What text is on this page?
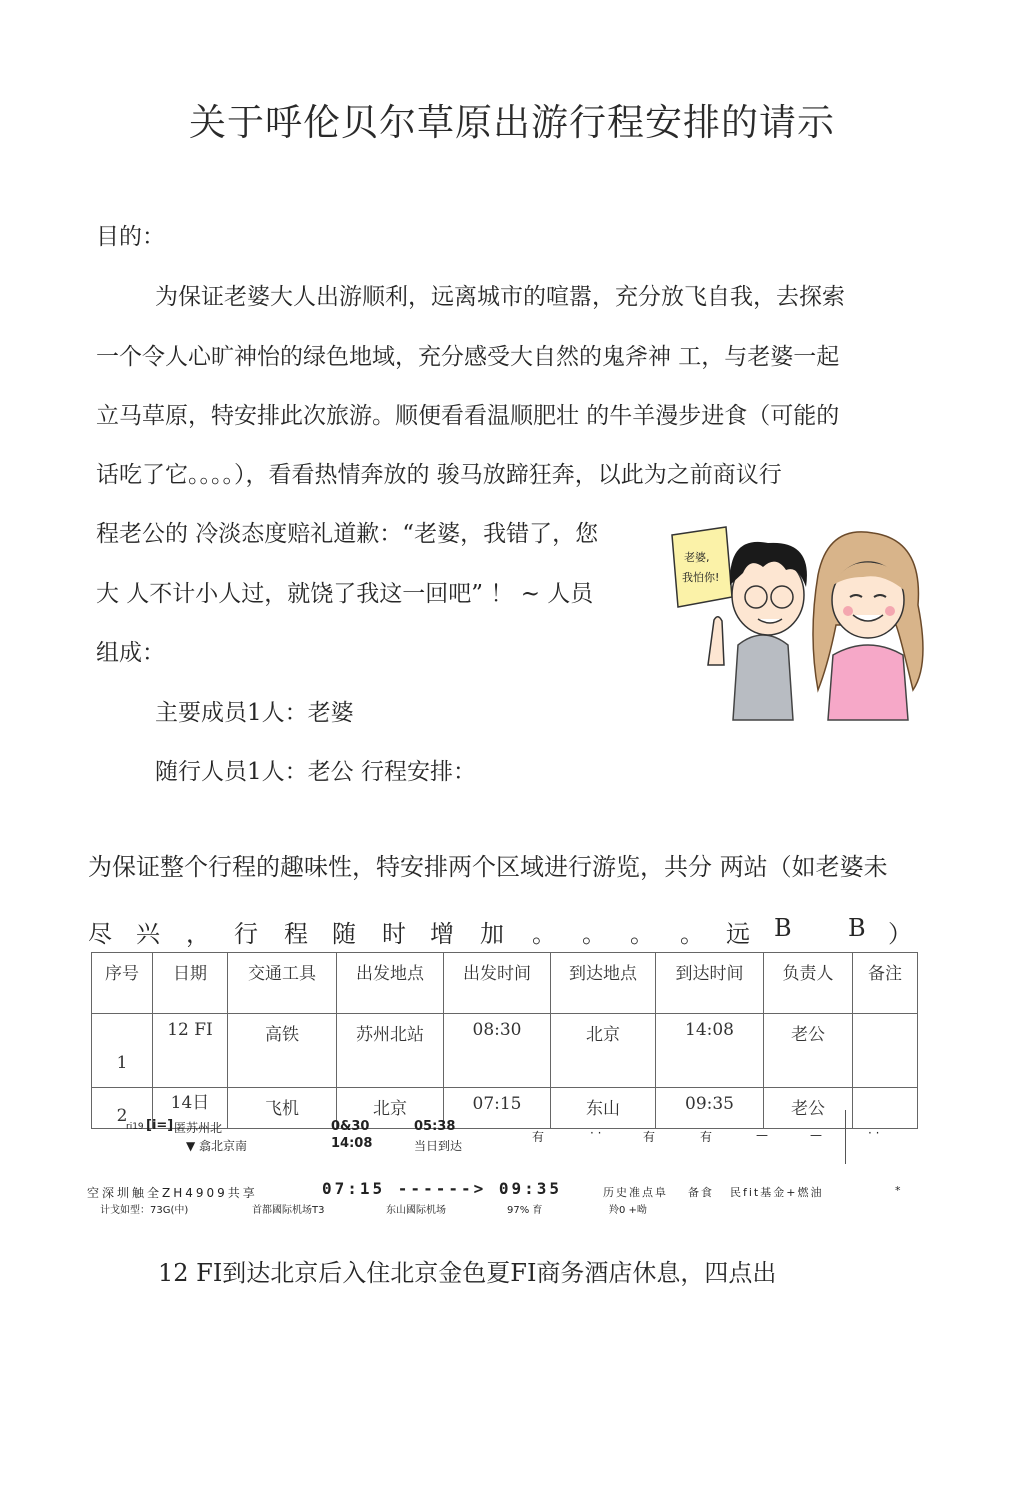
关于呼伦贝尔草原出游行程安排的请示
目的：
为保证老婆大人出游顺利，远离城市的喧嚣，充分放飞自我，去探索
一个令人心旷神怡的绿色地域，充分感受大自然的鬼斧神 工，与老婆一起
立马草原，特安排此次旅游。顺便看看温顺肥壮 的牛羊漫步进食（可能的
话吃了它。。。。），看看热情奔放的 骏马放蹄狂奔，以此为之前商议行
程老公的 冷淡态度赔礼道歉：“老婆，我错了，您
大 人不计小人过，就饶了我这一回吧” ！ ~ 人员
组成：
老婆,
我怕你!
主要成员1人：老婆
随行人员1人：老公 行程安排：
为保证整个行程的趣味性，特安排两个区域进行游览，共分 两站（如老婆未
尽 兴 ， 行 程 随 时 增 加 。 。 。 。 远 B B ）
序号	日期	交通工具	出发地点	出发时间	到达地点	到达时间	负责人	备注
1	12 FI	高铁	苏州北站	08:30	北京	14:08	老公	
2	14日	飞机	北京	07:15	东山	09:35	老公	
ri19 [i=] 匿苏州北
▼ 翕北京南
0&30
14:08
05:38
当日到达
有	· ·	有	有	—	—	· ·
空深圳触全ZH4909共享
计戈如型：73G(中)
07:15 ------> 09:35
首都國际机场T3	东山國际机场
历史准点阜
97% 育
备食 民fit基金+燃油
羚0 +呦
*
12 FI到达北京后入住北京金色夏FI商务酒店休息，四点出
